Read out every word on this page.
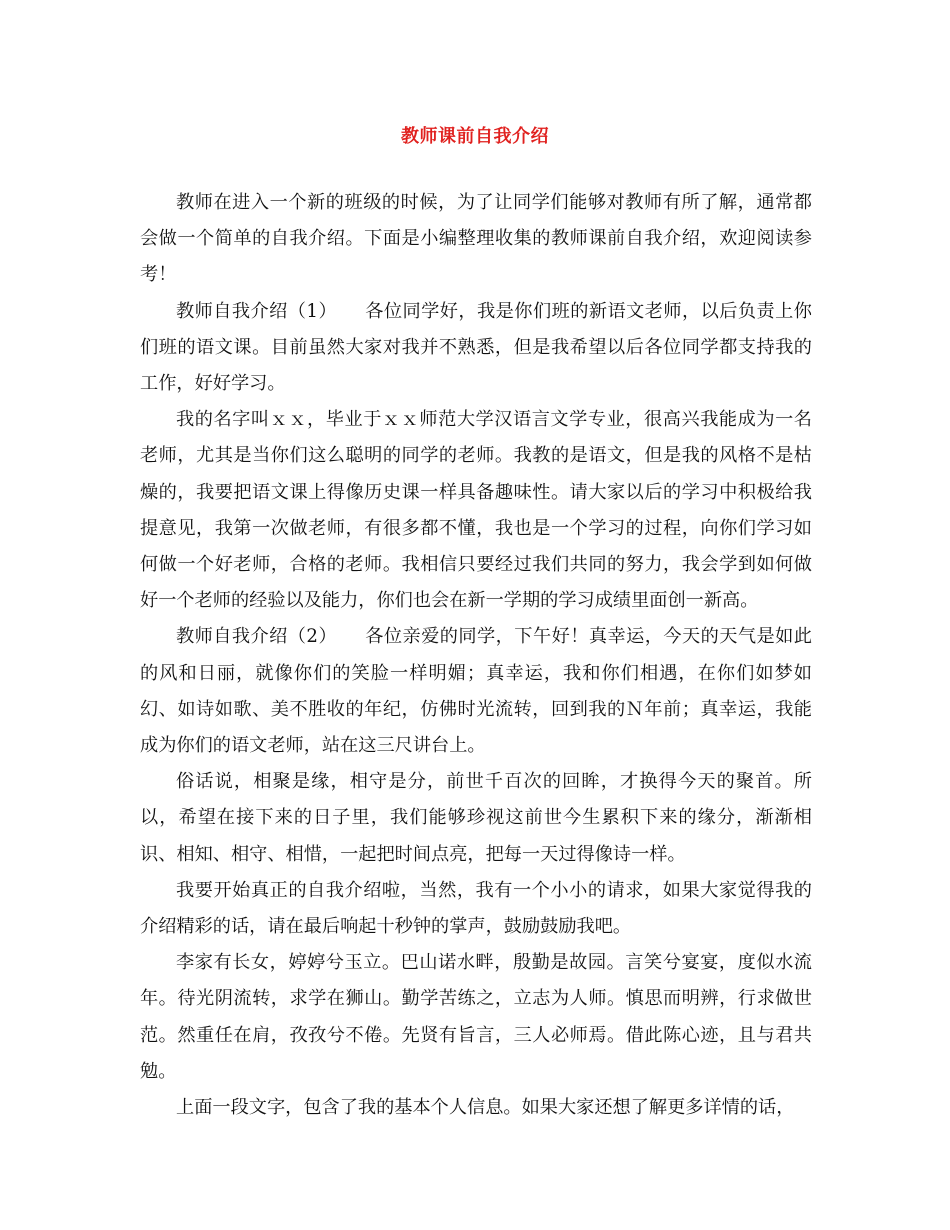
教师课前自我介绍

教师在进入一个新的班级的时候，为了让同学们能够对教师有所了解，通常都会做一个简单的自我介绍。下面是小编整理收集的教师课前自我介绍，欢迎阅读参考！

教师自我介绍（1）　　各位同学好，我是你们班的新语文老师，以后负责上你们班的语文课。目前虽然大家对我并不熟悉，但是我希望以后各位同学都支持我的工作，好好学习。

我的名字叫ｘｘ，毕业于ｘｘ师范大学汉语言文学专业，很高兴我能成为一名老师，尤其是当你们这么聪明的同学的老师。我教的是语文，但是我的风格不是枯燥的，我要把语文课上得像历史课一样具备趣味性。请大家以后的学习中积极给我提意见，我第一次做老师，有很多都不懂，我也是一个学习的过程，向你们学习如何做一个好老师，合格的老师。我相信只要经过我们共同的努力，我会学到如何做好一个老师的经验以及能力，你们也会在新一学期的学习成绩里面创一新高。

教师自我介绍（2）　　各位亲爱的同学，下午好！真幸运，今天的天气是如此的风和日丽，就像你们的笑脸一样明媚；真幸运，我和你们相遇，在你们如梦如幻、如诗如歌、美不胜收的年纪，仿佛时光流转，回到我的Ｎ年前；真幸运，我能成为你们的语文老师，站在这三尺讲台上。

俗话说，相聚是缘，相守是分，前世千百次的回眸，才换得今天的聚首。所以，希望在接下来的日子里，我们能够珍视这前世今生累积下来的缘分，渐渐相识、相知、相守、相惜，一起把时间点亮，把每一天过得像诗一样。

我要开始真正的自我介绍啦，当然，我有一个小小的请求，如果大家觉得我的介绍精彩的话，请在最后响起十秒钟的掌声，鼓励鼓励我吧。

李家有长女，婷婷兮玉立。巴山诺水畔，殷勤是故园。言笑兮宴宴，度似水流年。待光阴流转，求学在狮山。勤学苦练之，立志为人师。慎思而明辨，行求做世范。然重任在肩，孜孜兮不倦。先贤有旨言，三人必师焉。借此陈心迹，且与君共勉。

上面一段文字，包含了我的基本个人信息。如果大家还想了解更多详情的话，
